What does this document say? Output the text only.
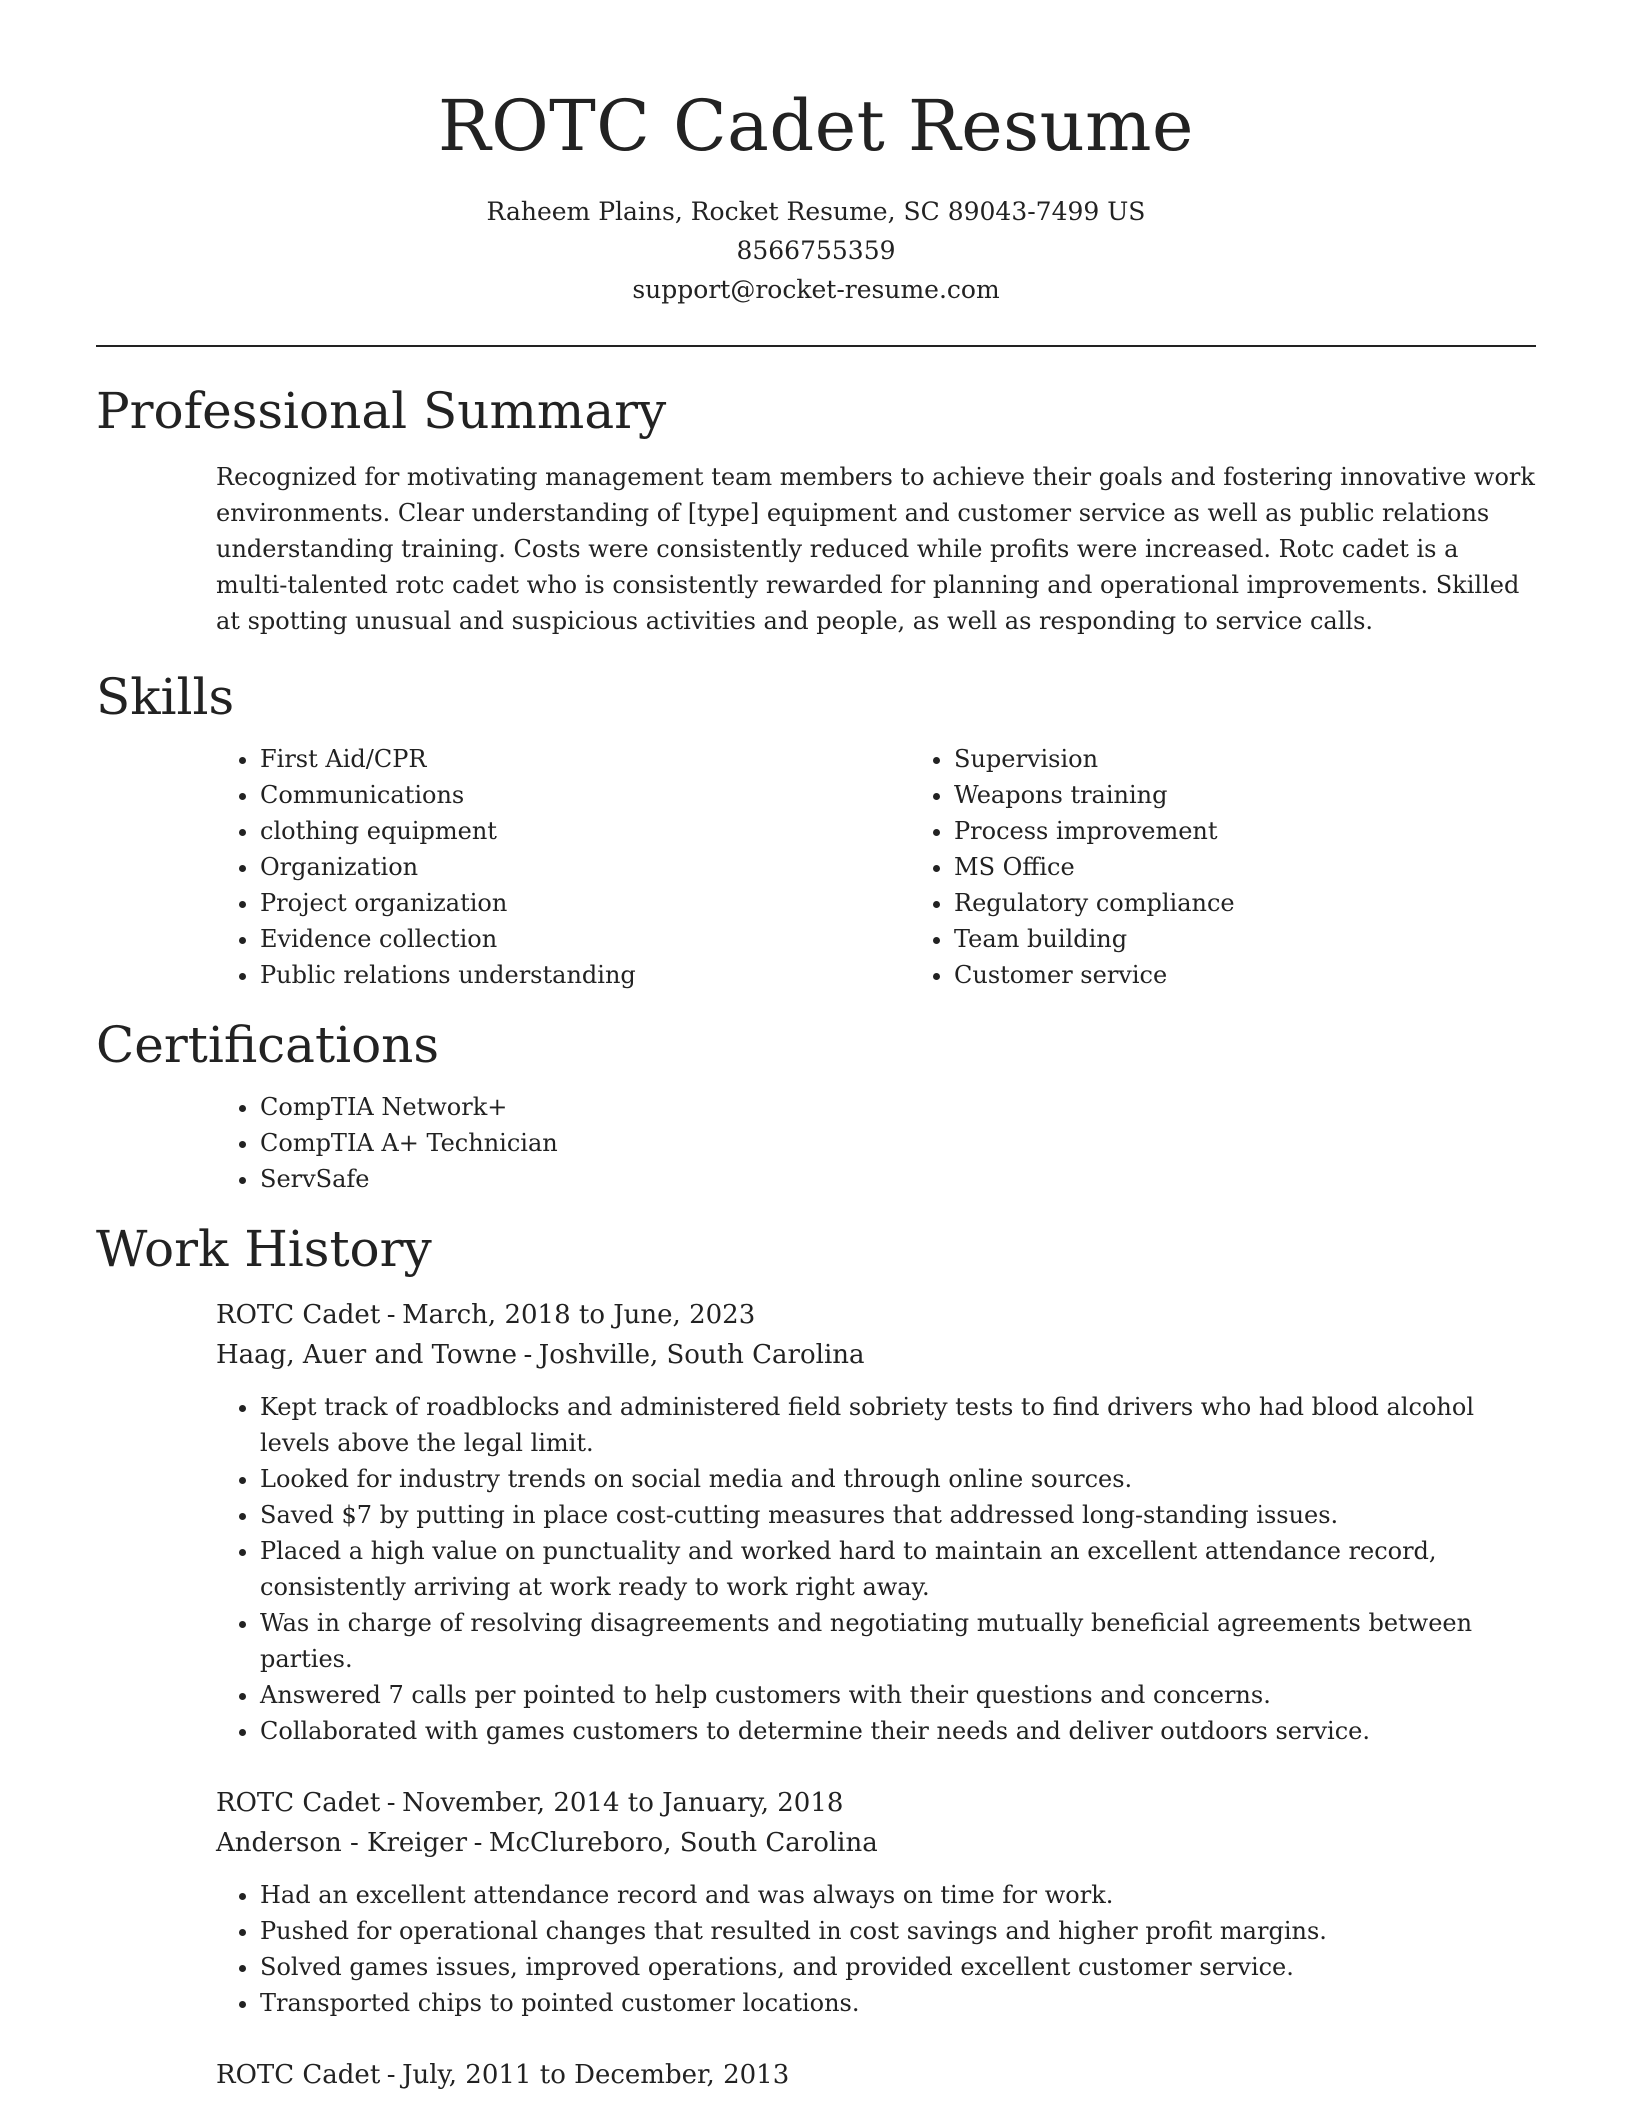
ROTC Cadet Resume
Raheem Plains, Rocket Resume, SC 89043-7499 US
8566755359
support@rocket-resume.com
Professional Summary

Recognized for motivating management team members to achieve their goals and fostering innovative work environments. Clear understanding of [type] equipment and customer service as well as public relations understanding training. Costs were consistently reduced while profits were increased. Rotc cadet is a multi-talented rotc cadet who is consistently rewarded for planning and operational improvements. Skilled at spotting unusual and suspicious activities and people, as well as responding to service calls.

Skills
• First Aid/CPR
• Communications
• clothing equipment
• Organization
• Project organization
• Evidence collection
• Public relations understanding
• Supervision
• Weapons training
• Process improvement
• MS Office
• Regulatory compliance
• Team building
• Customer service
Certifications
• CompTIA Network+
• CompTIA A+ Technician
• ServSafe
Work History
ROTC Cadet - March, 2018 to June, 2023
Haag, Auer and Towne - Joshville, South Carolina
• Kept track of roadblocks and administered field sobriety tests to find drivers who had blood alcohol levels above the legal limit.
• Looked for industry trends on social media and through online sources.
• Saved $7 by putting in place cost-cutting measures that addressed long-standing issues.
• Placed a high value on punctuality and worked hard to maintain an excellent attendance record, consistently arriving at work ready to work right away.
• Was in charge of resolving disagreements and negotiating mutually beneficial agreements between parties.
• Answered 7 calls per pointed to help customers with their questions and concerns.
• Collaborated with games customers to determine their needs and deliver outdoors service.
ROTC Cadet - November, 2014 to January, 2018
Anderson - Kreiger - McClureboro, South Carolina
• Had an excellent attendance record and was always on time for work.
• Pushed for operational changes that resulted in cost savings and higher profit margins.
• Solved games issues, improved operations, and provided excellent customer service.
• Transported chips to pointed customer locations.
ROTC Cadet - July, 2011 to December, 2013
